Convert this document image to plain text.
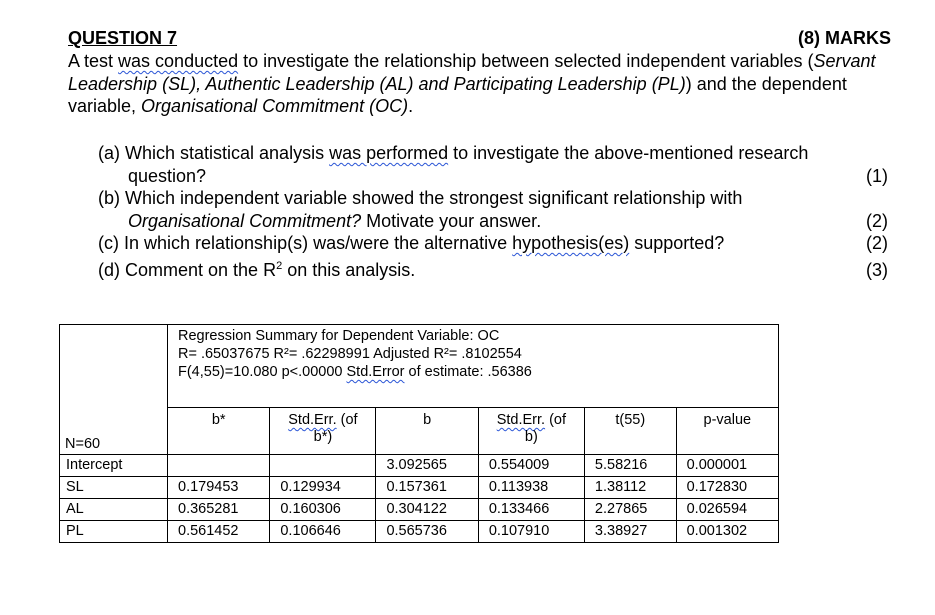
QUESTION 7	(8) MARKS

A test was conducted to investigate the relationship between selected independent variables (Servant Leadership (SL), Authentic Leadership (AL) and Participating Leadership (PL)) and the dependent variable, Organisational Commitment (OC).

(a) Which statistical analysis was performed to investigate the above-mentioned research
question?	(1)
(b) Which independent variable showed the strongest significant relationship with
Organisational Commitment? Motivate your answer.	(2)
(c) In which relationship(s) was/were the alternative hypothesis(es) supported?	(2)
(d) Comment on the $R^2$ on this analysis.	(3)
N=60	Regression Summary for Dependent Variable: OC
R= .65037675 R²= .62298991 Adjusted R²= .8102554
F(4,55)=10.080 p<.00000 Std.Error of estimate: .56386					

	b*	Std.Err. (of
b*)	b	Std.Err. (of
b)	t(55)	p-value
Intercept			3.092565	0.554009	5.58216	0.000001
SL	0.179453	0.129934	0.157361	0.113938	1.38112	0.172830
AL	0.365281	0.160306	0.304122	0.133466	2.27865	0.026594
PL	0.561452	0.106646	0.565736	0.107910	3.38927	0.001302
